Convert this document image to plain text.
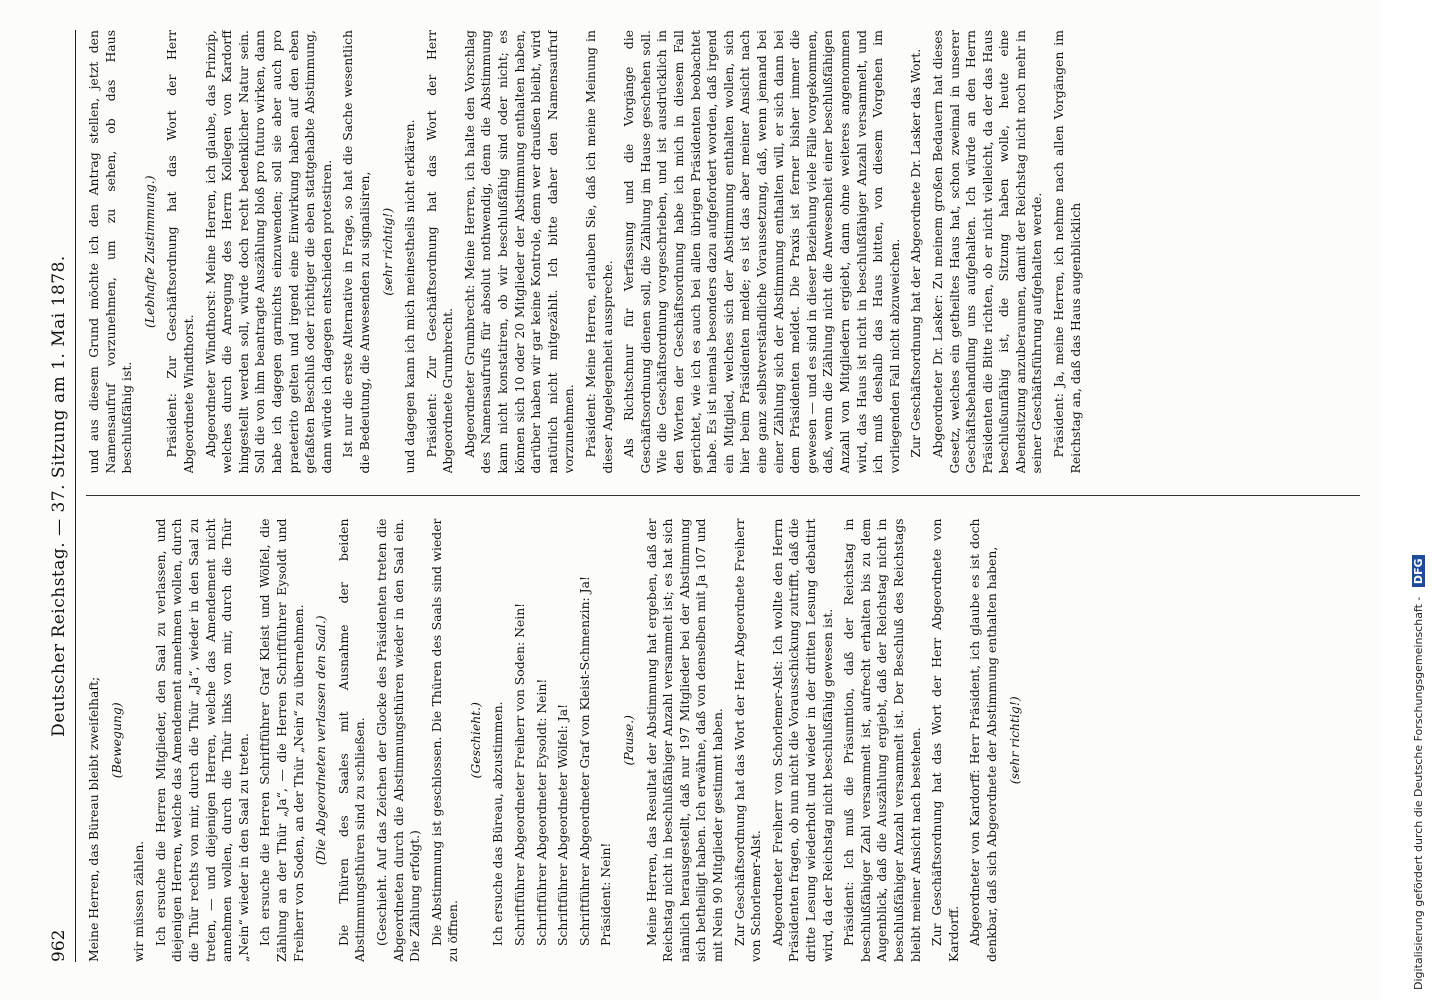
962
Deutscher Reichstag. — 37. Sitzung am 1. Mai 1878.

Meine Herren, das Büreau bleibt zweifelhaft; (Bewegung)

wir müssen zählen. Ich ersuche die Herren Mitglieder, den Saal zu verlassen, und diejenigen Herren, welche das Amendement annehmen wollen, durch die Thür rechts von mir, durch die Thür „Ja“, wieder in den Saal zu treten, — und diejenigen Herren, welche das Amendement nicht annehmen wollen, durch die Thür links von mir, durch die Thür „Nein“ wieder in den Saal zu treten. Ich ersuche die Herren Schriftführer Graf Kleist und Wölfel, die Zählung an der Thür „Ja“, — die Herren Schriftführer Eysoldt und Freiherr von Soden, an der Thür „Nein“ zu übernehmen. (Die Abgeordneten verlassen den Saal.) Die Thüren des Saales mit Ausnahme der beiden Abstimmungsthüren sind zu schließen. (Geschieht. Auf das Zeichen der Glocke des Präsidenten treten die Abgeordneten durch die Abstimmungsthüren wieder in den Saal ein. Die Zählung erfolgt.) Die Abstimmung ist geschlossen. Die Thüren des Saals sind wieder zu öffnen.

(Geschieht.) Ich ersuche das Büreau, abzustimmen. Schriftführer Abgeordneter Freiherr von Soden: Nein! Schriftführer Abgeordneter Eysoldt: Nein! Schriftführer Abgeordneter Wölfel: Ja! Schriftführer Abgeordneter Graf von Kleist-Schmenzin: Ja! Präsident: Nein!

(Pause.) Meine Herren, das Resultat der Abstimmung hat ergeben, daß der Reichstag nicht in beschlußfähiger Anzahl versammelt ist; es hat sich nämlich herausgestellt, daß nur 197 Mitglieder bei der Abstimmung sich betheiligt haben. Ich erwähne, daß von denselben mit Ja 107 und mit Nein 90 Mitglieder gestimmt haben. Zur Geschäftsordnung hat das Wort der Herr Abgeordnete Freiherr von Schorlemer-Alst. Abgeordneter Freiherr von Schorlemer-Alst: Ich wollte den Herrn Präsidenten fragen, ob nun nicht die Vorausschickung zutrifft, daß die dritte Lesung wiederholt und wieder in der dritten Lesung debattirt wird, da der Reichstag nicht beschlußfähig gewesen ist. Präsident: Ich muß die Präsumtion, daß der Reichstag in beschlußfähiger Zahl versammelt ist, aufrecht erhalten bis zu dem Augenblick, daß die Auszählung ergiebt, daß der Reichstag nicht in beschlußfähiger Anzahl versammelt ist. Der Beschluß des Reichstags bleibt meiner Ansicht nach bestehen. Zur Geschäftsordnung hat das Wort der Herr Abgeordnete von Kardorff. Abgeordneter von Kardorff: Herr Präsident, ich glaube es ist doch denkbar, daß sich Abgeordnete der Abstimmung enthalten haben, (sehr richtig!)

und aus diesem Grund möchte ich den Antrag stellen, jetzt den Namensaufruf vorzunehmen, um zu sehen, ob das Haus beschlußfähig ist.

(Lebhafte Zustimmung.) Präsident: Zur Geschäftsordnung hat das Wort der Herr Abgeordnete Windthorst. Abgeordneter Windthorst: Meine Herren, ich glaube, das Prinzip, welches durch die Anregung des Herrn Kollegen von Kardorff hingestellt werden soll, würde doch recht bedenklicher Natur sein. Soll die von ihm beantragte Auszählung bloß pro futuro wirken, dann habe ich dagegen garnichts einzuwenden; soll sie aber auch pro praeterito gelten und irgend eine Einwirkung haben auf den eben gefaßten Beschluß oder richtiger die eben stattgehabte Abstimmung, dann würde ich dagegen entschieden protestiren. Ist nur die erste Alternative in Frage, so hat die Sache wesentlich die Bedeutung, die Anwesenden zu signalisiren, (sehr richtig!) und dagegen kann ich mich meinestheils nicht erklären. Präsident: Zur Geschäftsordnung hat das Wort der Herr Abgeordnete Grumbrecht. Abgeordneter Grumbrecht: Meine Herren, ich halte den Vorschlag des Namensaufrufs für absolut nothwendig, denn die Abstimmung kann nicht konstatiren, ob wir beschlußfähig sind oder nicht; es können sich 10 oder 20 Mitglieder der Abstimmung enthalten haben, darüber haben wir gar keine Kontrole, denn wer draußen bleibt, wird natürlich nicht mitgezählt. Ich bitte daher den Namensaufruf vorzunehmen. Präsident: Meine Herren, erlauben Sie, daß ich meine Meinung in dieser Angelegenheit ausspreche. Als Richtschnur für Verfassung und die Vorgänge die Geschäftsordnung dienen soll, die Zählung im Hause geschehen soll. Wie die Geschäftsordnung vorgeschrieben, und ist ausdrücklich in den Worten der Geschäftsordnung habe ich mich in diesem Fall gerichtet, wie ich es auch bei allen übrigen Präsidenten beobachtet habe. Es ist niemals besonders dazu aufgefordert worden, daß irgend ein Mitglied, welches sich der Abstimmung enthalten wollen, sich hier beim Präsidenten melde; es ist das aber meiner Ansicht nach eine ganz selbstverständliche Voraussetzung, daß, wenn jemand bei einer Zählung sich der Abstimmung enthalten will, er sich dann bei dem Präsidenten meldet. Die Praxis ist ferner bisher immer die gewesen — und es sind in dieser Beziehung viele Fälle vorgekommen, daß, wenn die Zählung nicht die Anwesenheit einer beschlußfähigen Anzahl von Mitgliedern ergiebt, dann ohne weiteres angenommen wird, das Haus ist nicht in beschlußfähiger Anzahl versammelt, und ich muß deshalb das Haus bitten, von diesem Vorgehen im vorliegenden Fall nicht abzuweichen. Zur Geschäftsordnung hat der Abgeordnete Dr. Lasker das Wort. Abgeordneter Dr. Lasker: Zu meinem großen Bedauern hat dieses Gesetz, welches ein getheiltes Haus hat, schon zweimal in unserer Geschäftsbehandlung uns aufgehalten. Ich würde an den Herrn Präsidenten die Bitte richten, ob er nicht vielleicht, da der das Haus beschlußunfähig ist, die Sitzung haben wolle, heute eine Abendsitzung anzuberaumen, damit der Reichstag nicht noch mehr in seiner Geschäftsführung aufgehalten werde. Präsident: Ja, meine Herren, ich nehme nach allen Vorgängen im Reichstag an, daß das Haus augenblicklich

Digitalisierung gefördert durch die Deutsche Forschungsgemeinschaft - DFG
